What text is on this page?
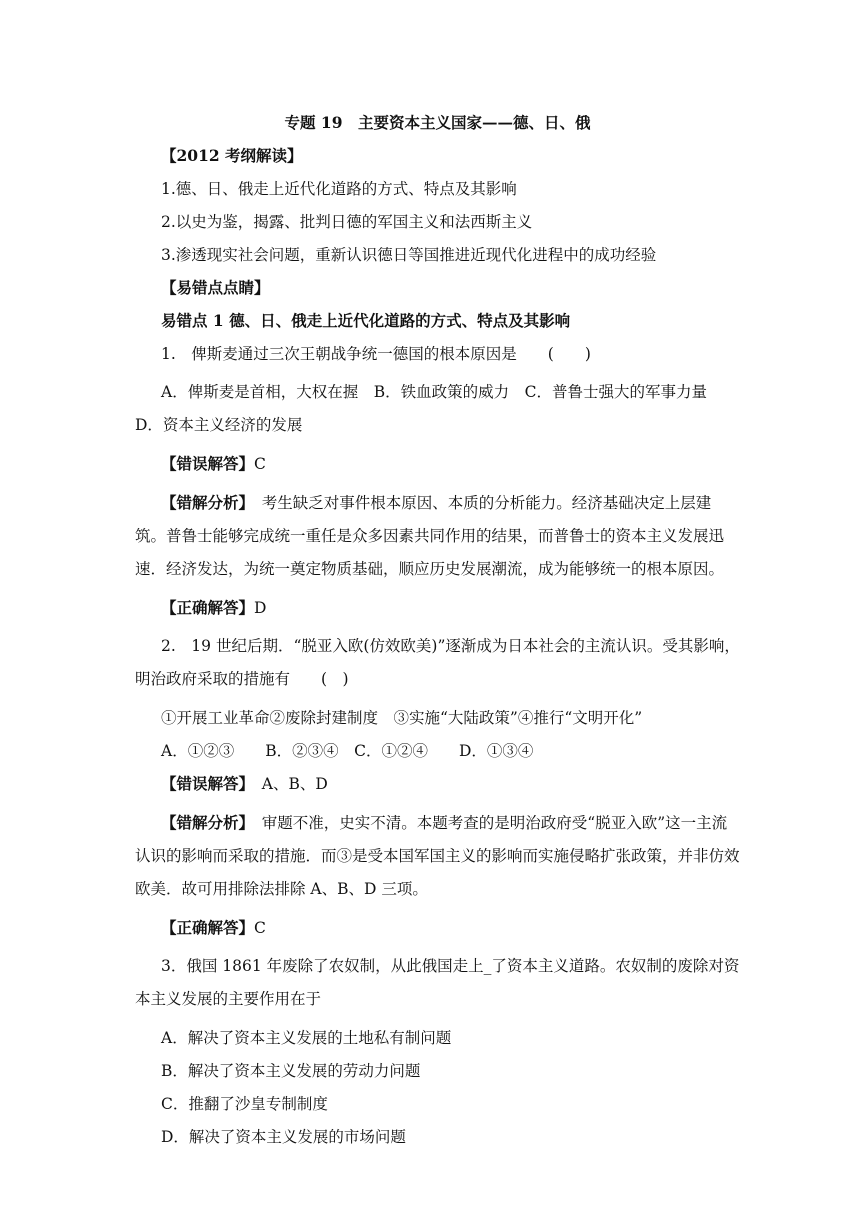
专题 19　主要资本主义国家——德、日、俄
【2012 考纲解读】
1.德、日、俄走上近代化道路的方式、特点及其影响
2.以史为鉴，揭露、批判日德的军国主义和法西斯主义
3.渗透现实社会问题，重新认识德日等国推进近现代化进程中的成功经验
【易错点点睛】
易错点 1 德、日、俄走上近代化道路的方式、特点及其影响
1.　俾斯麦通过三次王朝战争统一德国的根本原因是　　(　　)
A．俾斯麦是首相，大权在握　B．铁血政策的威力　C．普鲁士强大的军事力量　D．资本主义经济的发展
【错误解答】C
【错解分析】　考生缺乏对事件根本原因、本质的分析能力。经济基础决定上层建筑。普鲁士能够完成统一重任是众多因素共同作用的结果，而普鲁士的资本主义发展迅速．经济发达，为统一奠定物质基础，顺应历史发展潮流，成为能够统一的根本原因。
【正确解答】D
2.　19 世纪后期．“脱亚入欧(仿效欧美)”逐渐成为日本社会的主流认识。受其影响，明治政府采取的措施有　　(　)
①开展工业革命②废除封建制度　③实施“大陆政策”④推行“文明开化”
A．①②③　　B．②③④　C．①②④　　D．①③④
【错误解答】　A、B、D
【错解分析】　审题不准，史实不清。本题考查的是明治政府受“脱亚入欧”这一主流认识的影响而采取的措施．而③是受本国军国主义的影响而实施侵略扩张政策，并非仿效欧美．故可用排除法排除 A、B、D 三项。
【正确解答】C
3．俄国 1861 年废除了农奴制，从此俄国走上_了资本主义道路。农奴制的废除对资本主义发展的主要作用在于
A．解决了资本主义发展的土地私有制问题
B．解决了资本主义发展的劳动力问题
C．推翻了沙皇专制制度
D．解决了资本主义发展的市场问题
